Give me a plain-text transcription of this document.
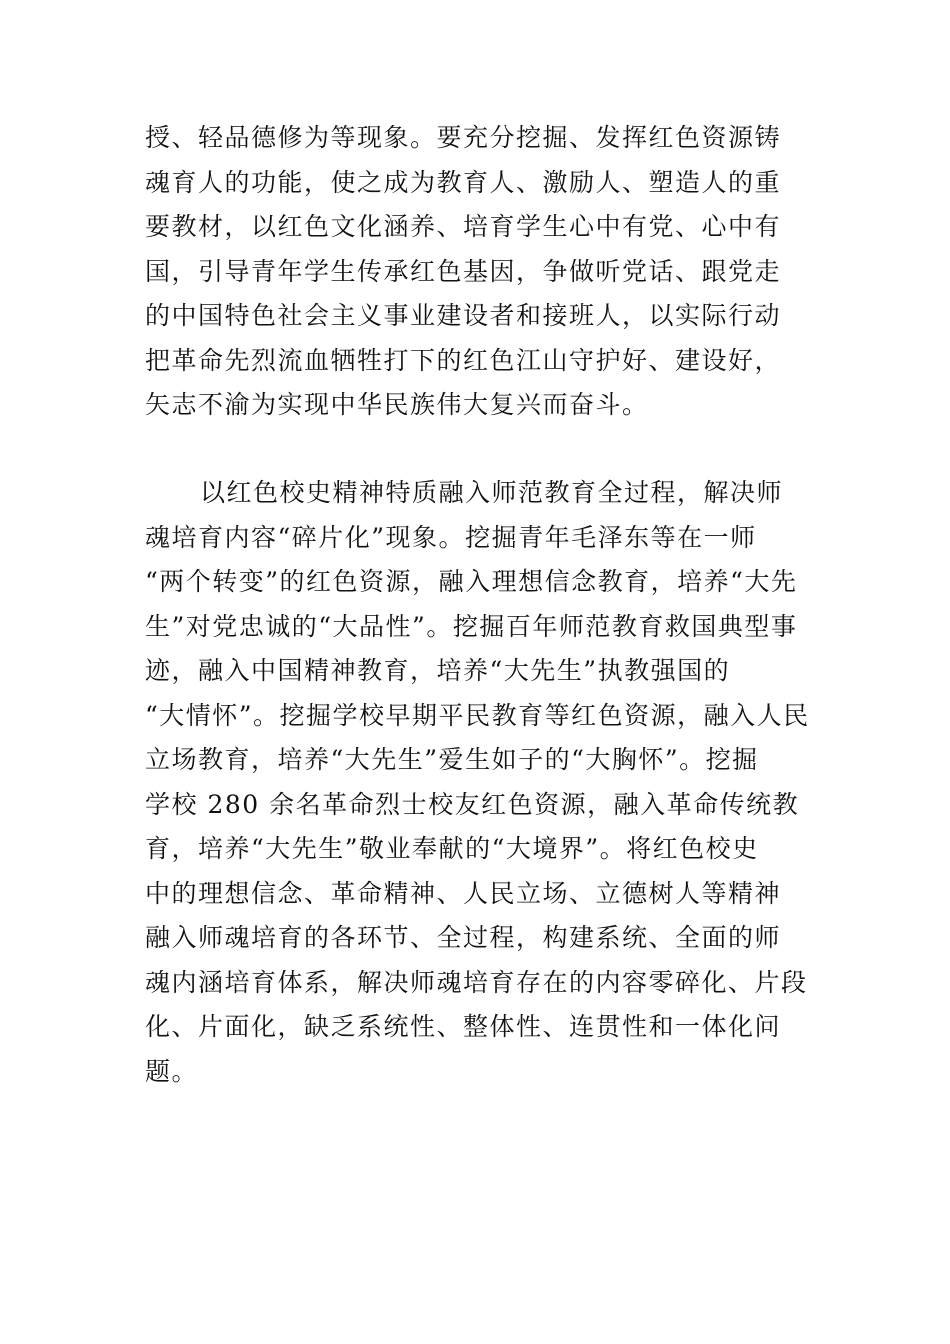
授、轻品德修为等现象。要充分挖掘、发挥红色资源铸
魂育人的功能，使之成为教育人、激励人、塑造人的重
要教材，以红色文化涵养、培育学生心中有党、心中有
国，引导青年学生传承红色基因，争做听党话、跟党走
的中国特色社会主义事业建设者和接班人，以实际行动
把革命先烈流血牺牲打下的红色江山守护好、建设好，
矢志不渝为实现中华民族伟大复兴而奋斗。
以红色校史精神特质融入师范教育全过程，解决师
魂培育内容“碎片化”现象。挖掘青年毛泽东等在一师
“两个转变”的红色资源，融入理想信念教育，培养“大先
生”对党忠诚的“大品性”。挖掘百年师范教育救国典型事
迹，融入中国精神教育，培养“大先生”执教强国的
“大情怀”。挖掘学校早期平民教育等红色资源，融入人民
立场教育，培养“大先生”爱生如子的“大胸怀”。挖掘
学校 280 余名革命烈士校友红色资源，融入革命传统教
育，培养“大先生”敬业奉献的“大境界”。将红色校史
中的理想信念、革命精神、人民立场、立德树人等精神
融入师魂培育的各环节、全过程，构建系统、全面的师
魂内涵培育体系，解决师魂培育存在的内容零碎化、片段
化、片面化，缺乏系统性、整体性、连贯性和一体化问
题。
